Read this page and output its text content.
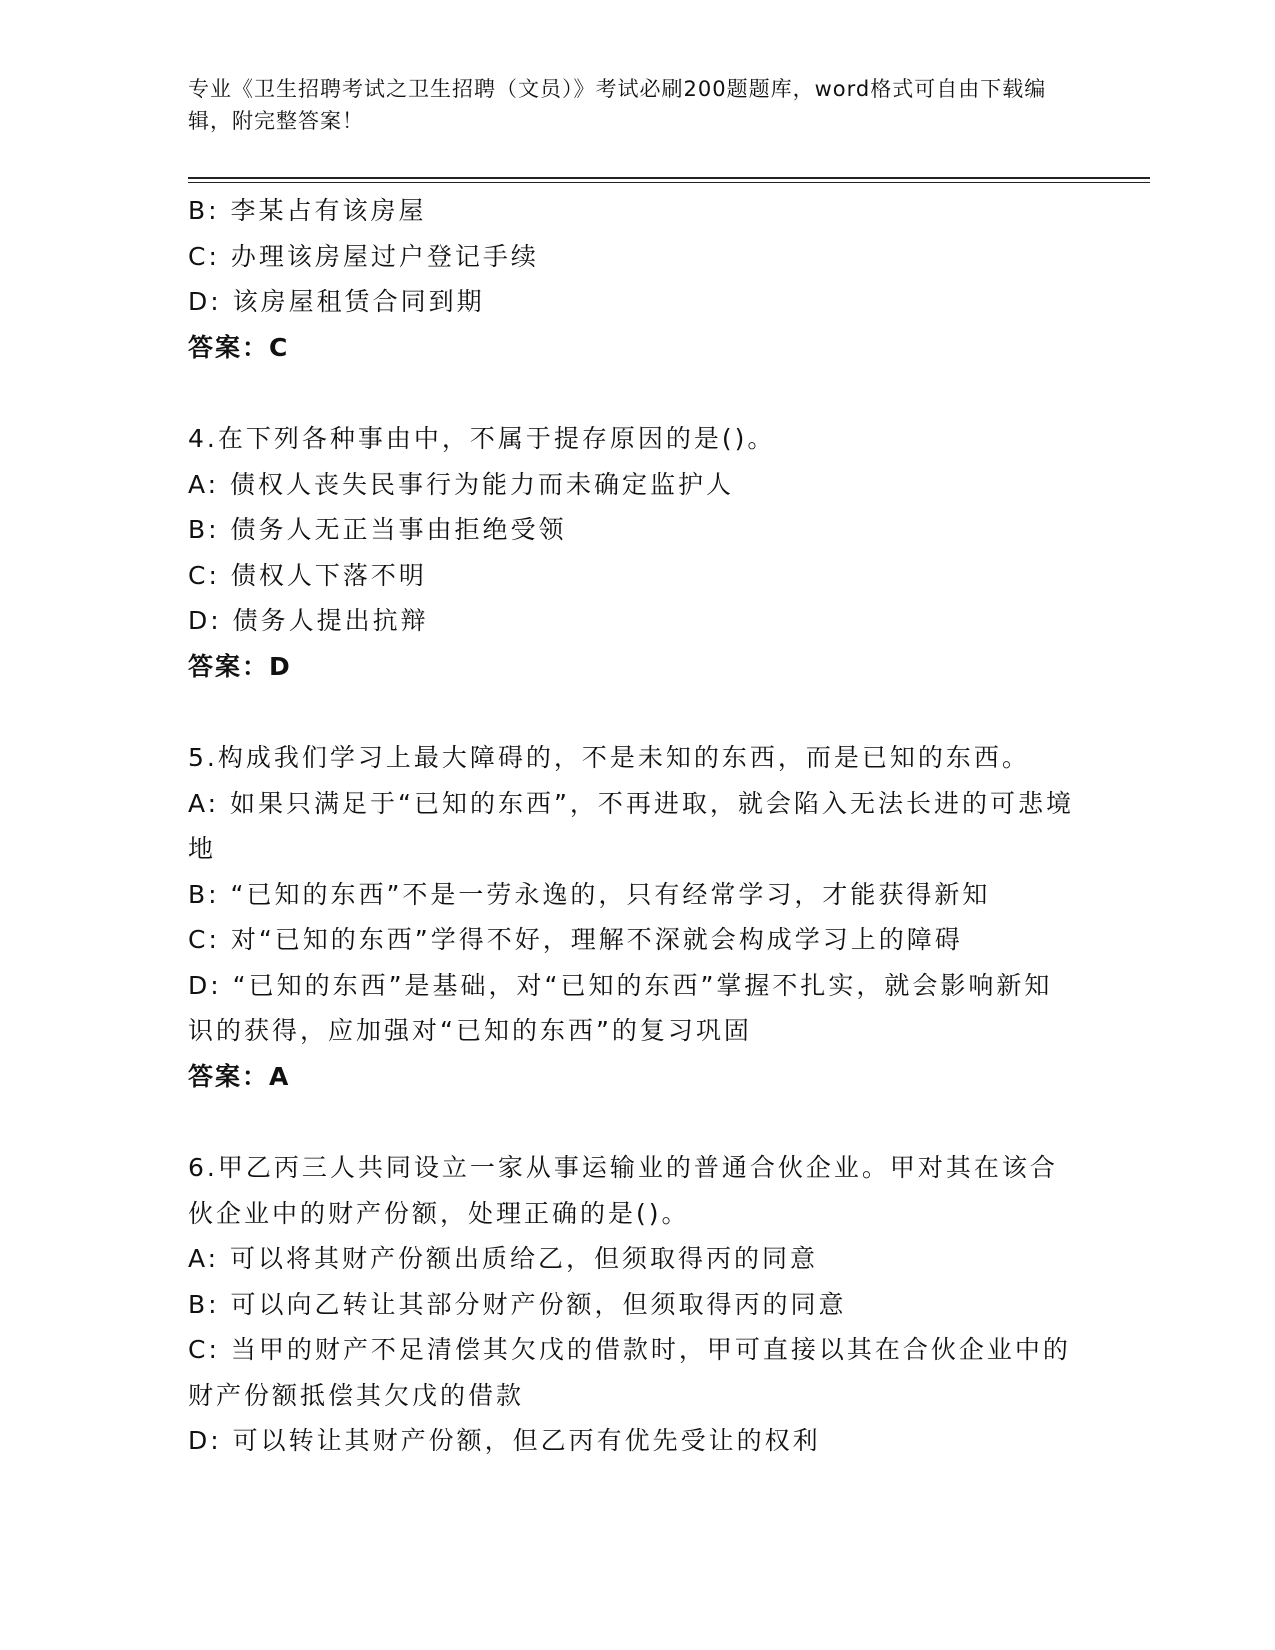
专业《卫生招聘考试之卫生招聘（文员）》考试必刷200题题库，word格式可自由下载编辑，附完整答案！
B: 李某占有该房屋
C: 办理该房屋过户登记手续
D: 该房屋租赁合同到期
答案：C
4.在下列各种事由中，不属于提存原因的是()。
A: 债权人丧失民事行为能力而未确定监护人
B: 债务人无正当事由拒绝受领
C: 债权人下落不明
D: 债务人提出抗辩
答案：D
5.构成我们学习上最大障碍的，不是未知的东西，而是已知的东西。
A: 如果只满足于“已知的东西”，不再进取，就会陷入无法长进的可悲境地
B: “已知的东西”不是一劳永逸的，只有经常学习，才能获得新知
C: 对“已知的东西”学得不好，理解不深就会构成学习上的障碍
D: “已知的东西”是基础，对“已知的东西”掌握不扎实，就会影响新知识的获得，应加强对“已知的东西”的复习巩固
答案：A
6.甲乙丙三人共同设立一家从事运输业的普通合伙企业。甲对其在该合伙企业中的财产份额，处理正确的是()。
A: 可以将其财产份额出质给乙，但须取得丙的同意
B: 可以向乙转让其部分财产份额，但须取得丙的同意
C: 当甲的财产不足清偿其欠戊的借款时，甲可直接以其在合伙企业中的财产份额抵偿其欠戊的借款
D: 可以转让其财产份额，但乙丙有优先受让的权利
